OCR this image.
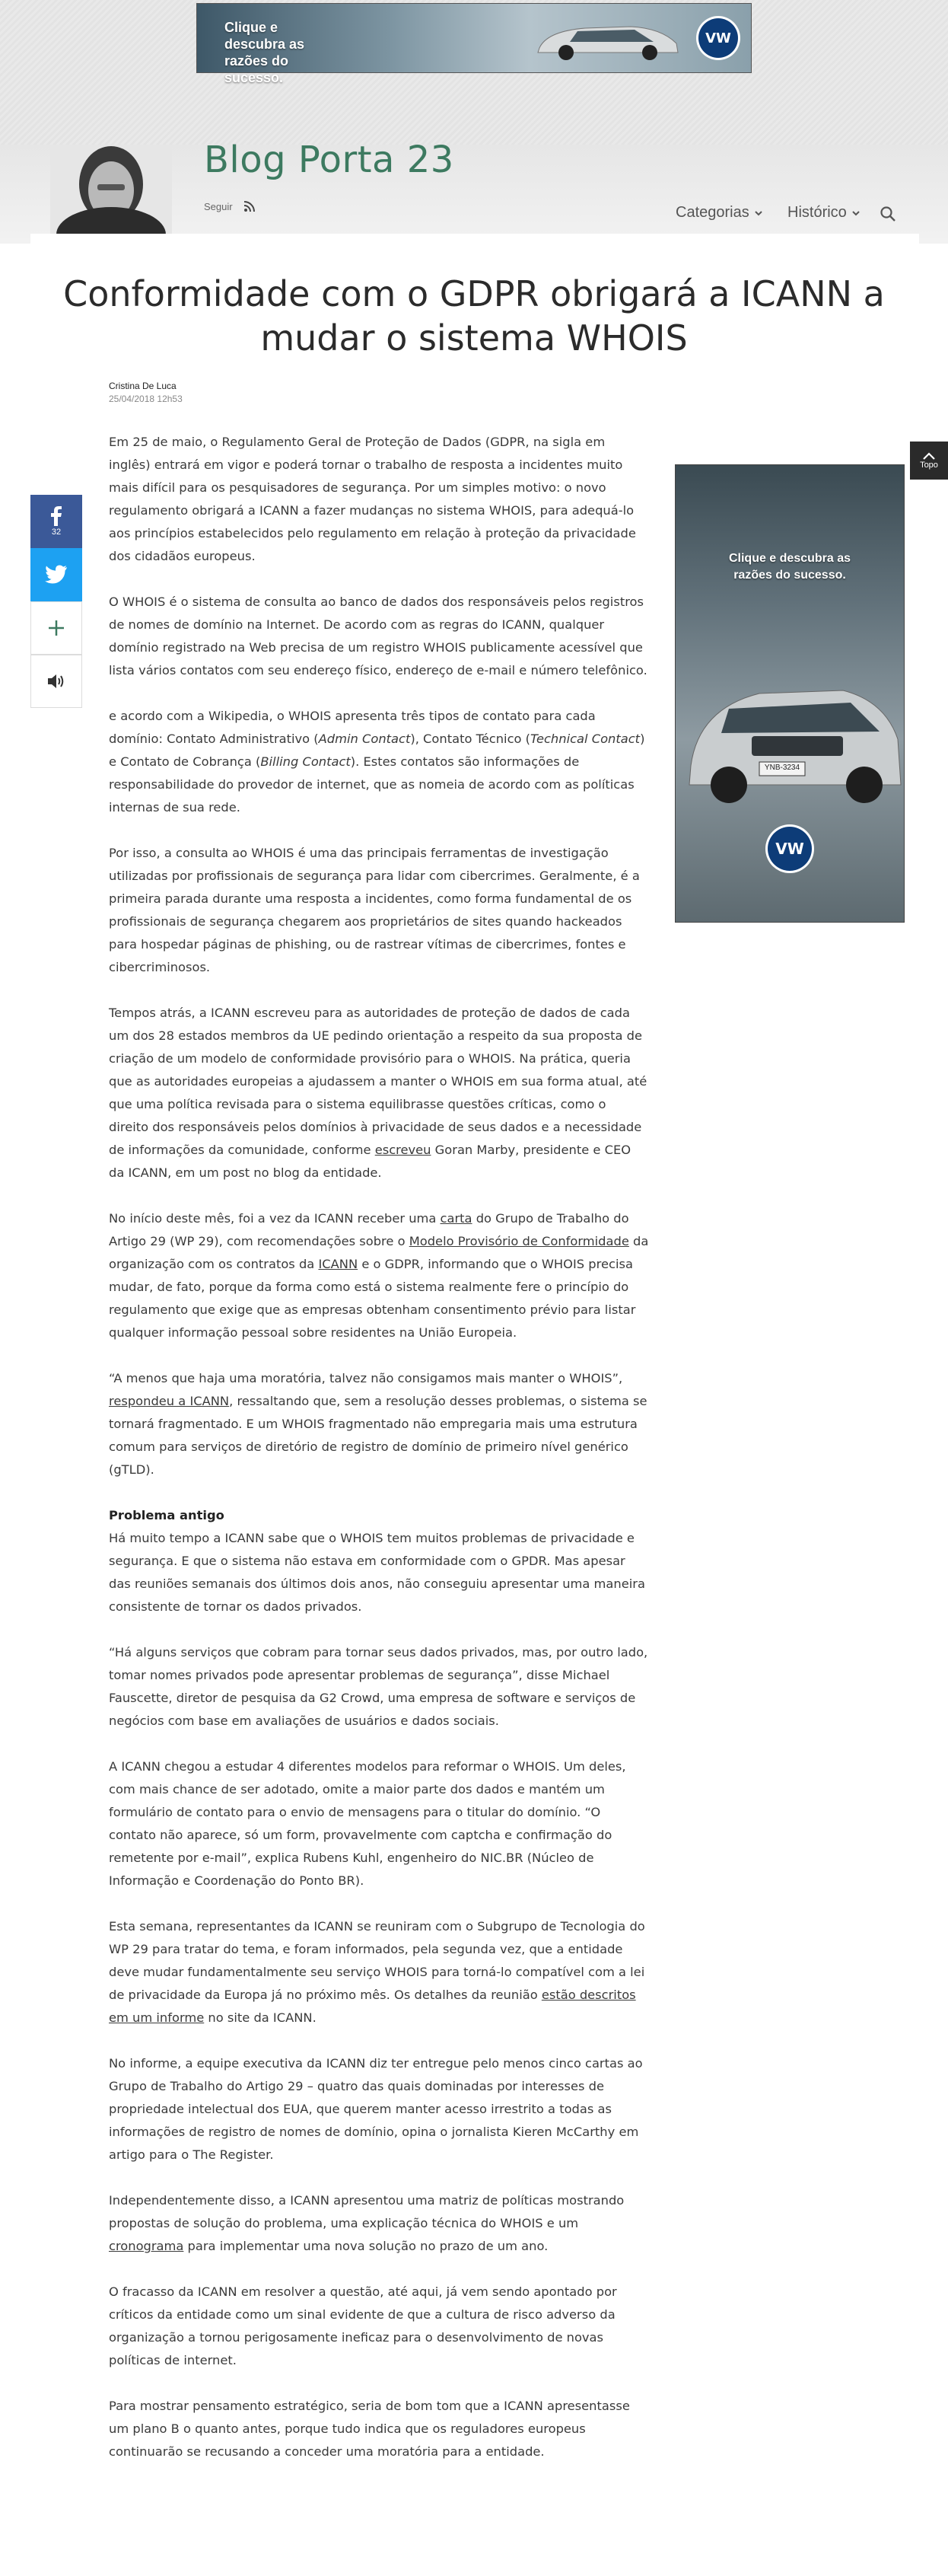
Clique e descubra as razões do sucesso.
VW
Blog Porta 23
Seguir	Categorias	Histórico
Conformidade com o GDPR obrigará a ICANN a mudar o sistema WHOIS
Cristina De Luca
25/04/2018 12h53
32

Em 25 de maio, o Regulamento Geral de Proteção de Dados (GDPR, na sigla em inglês) entrará em vigor e poderá tornar o trabalho de resposta a incidentes muito mais difícil para os pesquisadores de segurança. Por um simples motivo: o novo regulamento obrigará a ICANN a fazer mudanças no sistema WHOIS, para adequá-lo aos princípios estabelecidos pelo regulamento em relação à proteção da privacidade dos cidadãos europeus.

O WHOIS é o sistema de consulta ao banco de dados dos responsáveis pelos registros de nomes de domínio na Internet. De acordo com as regras do ICANN, qualquer domínio registrado na Web precisa de um registro WHOIS publicamente acessível que lista vários contatos com seu endereço físico, endereço de e-mail e número telefônico.

e acordo com a Wikipedia, o WHOIS apresenta três tipos de contato para cada domínio: Contato Administrativo (Admin Contact), Contato Técnico (Technical Contact) e Contato de Cobrança (Billing Contact). Estes contatos são informações de responsabilidade do provedor de internet, que as nomeia de acordo com as políticas internas de sua rede.

Por isso, a consulta ao WHOIS é uma das principais ferramentas de investigação utilizadas por profissionais de segurança para lidar com cibercrimes. Geralmente, é a primeira parada durante uma resposta a incidentes, como forma fundamental de os profissionais de segurança chegarem aos proprietários de sites quando hackeados para hospedar páginas de phishing, ou de rastrear vítimas de cibercrimes, fontes e cibercriminosos.

Tempos atrás, a ICANN escreveu para as autoridades de proteção de dados de cada um dos 28 estados membros da UE pedindo orientação a respeito da sua proposta de criação de um modelo de conformidade provisório para o WHOIS. Na prática, queria que as autoridades europeias a ajudassem a manter o WHOIS em sua forma atual, até que uma política revisada para o sistema equilibrasse questões críticas, como o direito dos responsáveis pelos domínios à privacidade de seus dados e a necessidade de informações da comunidade, conforme escreveu Goran Marby, presidente e CEO da ICANN, em um post no blog da entidade.

No início deste mês, foi a vez da ICANN receber uma carta do Grupo de Trabalho do Artigo 29 (WP 29), com recomendações sobre o Modelo Provisório de Conformidade da organização com os contratos da ICANN e o GDPR, informando que o WHOIS precisa mudar, de fato, porque da forma como está o sistema realmente fere o princípio do regulamento que exige que as empresas obtenham consentimento prévio para listar qualquer informação pessoal sobre residentes na União Europeia.

“A menos que haja uma moratória, talvez não consigamos mais manter o WHOIS”, respondeu a ICANN, ressaltando que, sem a resolução desses problemas, o sistema se tornará fragmentado. E um WHOIS fragmentado não empregaria mais uma estrutura comum para serviços de diretório de registro de domínio de primeiro nível genérico (gTLD).

Problema antigo

Há muito tempo a ICANN sabe que o WHOIS tem muitos problemas de privacidade e segurança. E que o sistema não estava em conformidade com o GPDR. Mas apesar das reuniões semanais dos últimos dois anos, não conseguiu apresentar uma maneira consistente de tornar os dados privados.

“Há alguns serviços que cobram para tornar seus dados privados, mas, por outro lado, tomar nomes privados pode apresentar problemas de segurança”, disse Michael Fauscette, diretor de pesquisa da G2 Crowd, uma empresa de software e serviços de negócios com base em avaliações de usuários e dados sociais.

A ICANN chegou a estudar 4 diferentes modelos para reformar o WHOIS. Um deles, com mais chance de ser adotado, omite a maior parte dos dados e mantém um formulário de contato para o envio de mensagens para o titular do domínio. “O contato não aparece, só um form, provavelmente com captcha e confirmação do remetente por e-mail”, explica Rubens Kuhl, engenheiro do NIC.BR (Núcleo de Informação e Coordenação do Ponto BR).

Esta semana, representantes da ICANN se reuniram com o Subgrupo de Tecnologia do WP 29 para tratar do tema, e foram informados, pela segunda vez, que a entidade deve mudar fundamentalmente seu serviço WHOIS para torná-lo compatível com a lei de privacidade da Europa já no próximo mês. Os detalhes da reunião estão descritos em um informe no site da ICANN.

No informe, a equipe executiva da ICANN diz ter entregue pelo menos cinco cartas ao Grupo de Trabalho do Artigo 29 – quatro das quais dominadas por interesses de propriedade intelectual dos EUA, que querem manter acesso irrestrito a todas as informações de registro de nomes de domínio, opina o jornalista Kieren McCarthy em artigo para o The Register.

Independentemente disso, a ICANN apresentou uma matriz de políticas mostrando propostas de solução do problema, uma explicação técnica do WHOIS e um cronograma para implementar uma nova solução no prazo de um ano.

O fracasso da ICANN em resolver a questão, até aqui, já vem sendo apontado por críticos da entidade como um sinal evidente de que a cultura de risco adverso da organização a tornou perigosamente ineficaz para o desenvolvimento de novas políticas de internet.

Para mostrar pensamento estratégico, seria de bom tom que a ICANN apresentasse um plano B o quanto antes, porque tudo indica que os reguladores europeus continuarão se recusando a conceder uma moratória para a entidade.

Clique e descubra as razões do sucesso.
YNB-3234
VW
Topo
